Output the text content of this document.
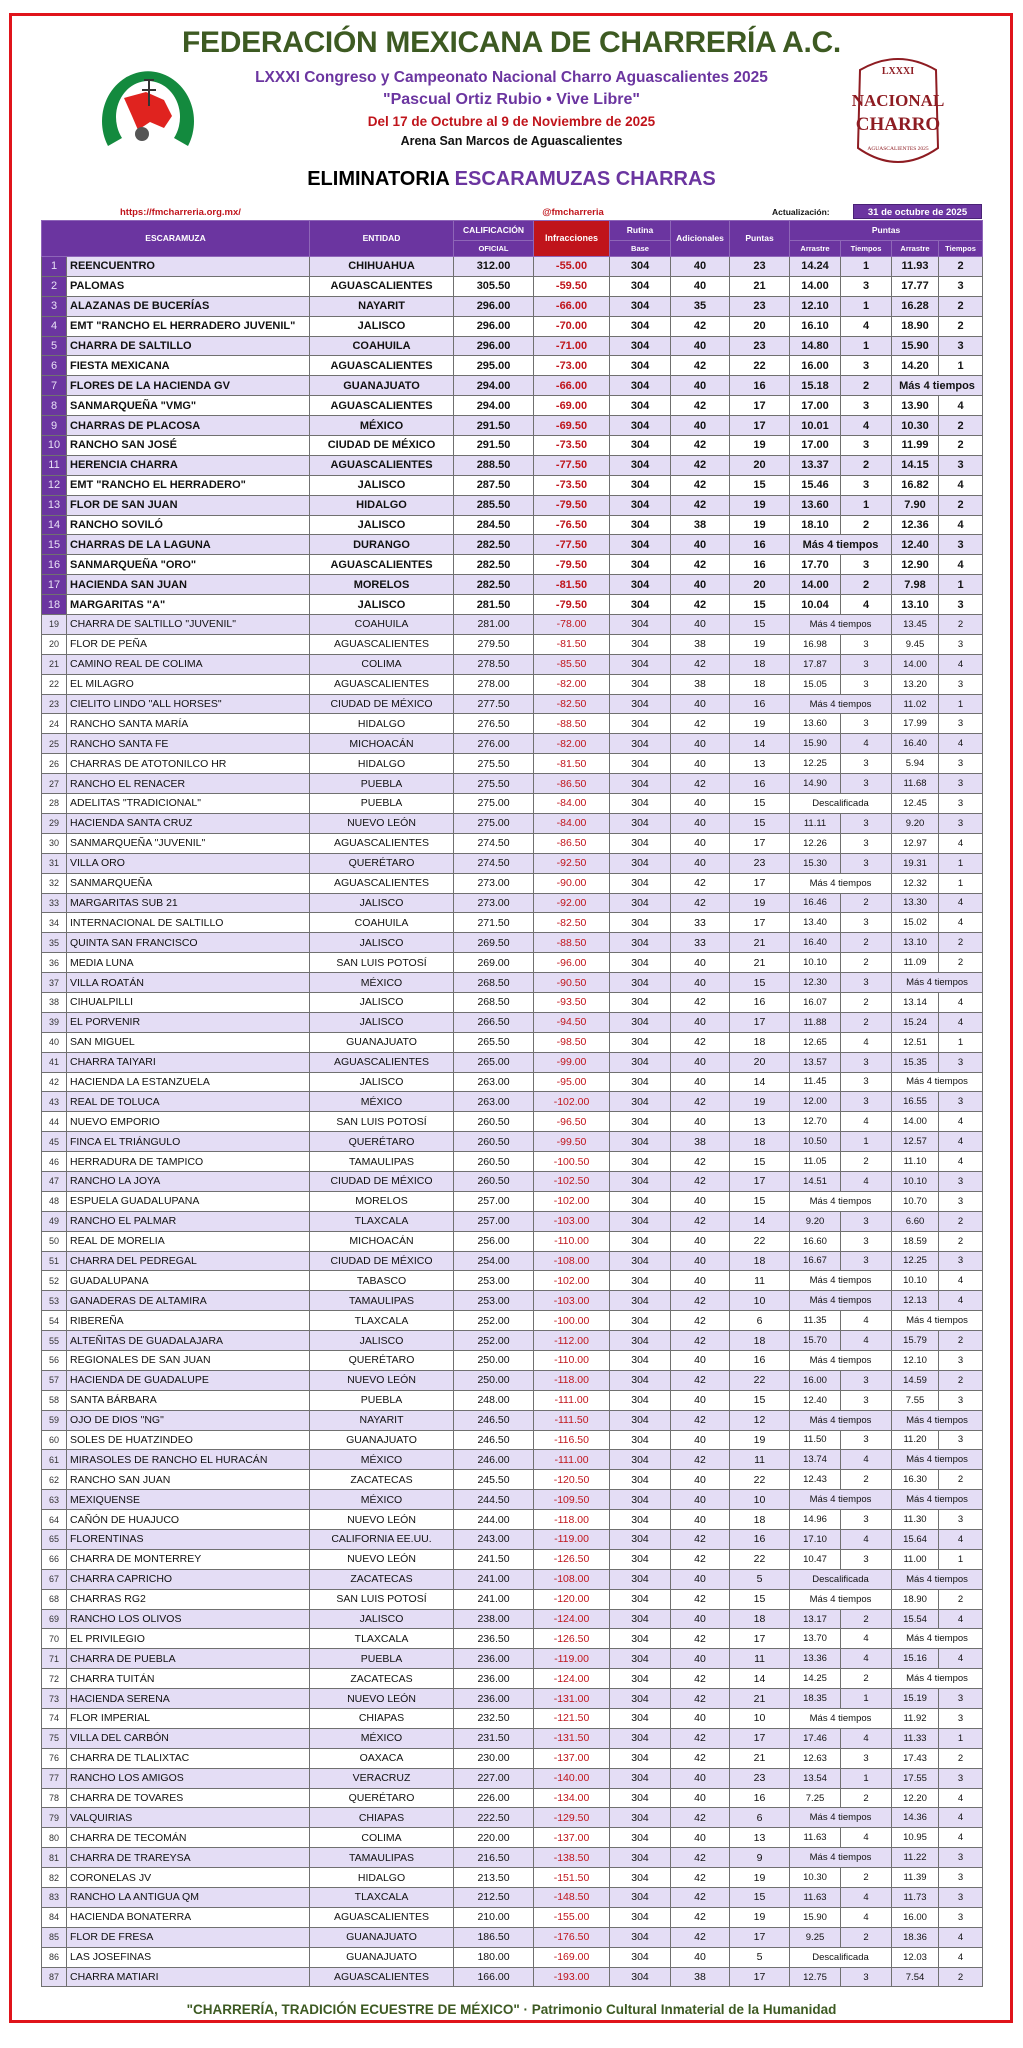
LXXXI
NACIONAL
CHARRO
AGUASCALIENTES 2025
FEDERACIÓN MEXICANA DE CHARRERÍA A.C.
LXXXI Congreso y Campeonato Nacional Charro Aguascalientes 2025
"Pascual Ortiz Rubio • Vive Libre"
Del 17 de Octubre al 9 de Noviembre de 2025
Arena San Marcos de Aguascalientes
ELIMINATORIA ESCARAMUZAS CHARRAS
https://fmcharreria.org.mx/	@fmcharreria	Actualización:	31 de octubre de 2025
ESCARAMUZA		ENTIDAD	CALIFICACIÓN	Infracciones	Rutina	Adicionales	Puntas	Puntas			
			OFICIAL		Base			Arrastre	Tiempos	Arrastre	Tiempos
1	REENCUENTRO	CHIHUAHUA	312.00	-55.00	304	40	23	14.24	1	11.93	2
2	PALOMAS	AGUASCALIENTES	305.50	-59.50	304	40	21	14.00	3	17.77	3
3	ALAZANAS DE BUCERÍAS	NAYARIT	296.00	-66.00	304	35	23	12.10	1	16.28	2
4	EMT "RANCHO EL HERRADERO JUVENIL"	JALISCO	296.00	-70.00	304	42	20	16.10	4	18.90	2
5	CHARRA DE SALTILLO	COAHUILA	296.00	-71.00	304	40	23	14.80	1	15.90	3
6	FIESTA MEXICANA	AGUASCALIENTES	295.00	-73.00	304	42	22	16.00	3	14.20	1
7	FLORES DE LA HACIENDA GV	GUANAJUATO	294.00	-66.00	304	40	16	15.18	2	Más 4 tiempos	
8	SANMARQUEÑA "VMG"	AGUASCALIENTES	294.00	-69.00	304	42	17	17.00	3	13.90	4
9	CHARRAS DE PLACOSA	MÉXICO	291.50	-69.50	304	40	17	10.01	4	10.30	2
10	RANCHO SAN JOSÉ	CIUDAD DE MÉXICO	291.50	-73.50	304	42	19	17.00	3	11.99	2
11	HERENCIA CHARRA	AGUASCALIENTES	288.50	-77.50	304	42	20	13.37	2	14.15	3
12	EMT "RANCHO EL HERRADERO"	JALISCO	287.50	-73.50	304	42	15	15.46	3	16.82	4
13	FLOR DE SAN JUAN	HIDALGO	285.50	-79.50	304	42	19	13.60	1	7.90	2
14	RANCHO SOVILÓ	JALISCO	284.50	-76.50	304	38	19	18.10	2	12.36	4
15	CHARRAS DE LA LAGUNA	DURANGO	282.50	-77.50	304	40	16	Más 4 tiempos		12.40	3
16	SANMARQUEÑA "ORO"	AGUASCALIENTES	282.50	-79.50	304	42	16	17.70	3	12.90	4
17	HACIENDA SAN JUAN	MORELOS	282.50	-81.50	304	40	20	14.00	2	7.98	1
18	MARGARITAS "A"	JALISCO	281.50	-79.50	304	42	15	10.04	4	13.10	3
19	CHARRA DE SALTILLO "JUVENIL"	COAHUILA	281.00	-78.00	304	40	15	Más 4 tiempos		13.45	2
20	FLOR DE PEÑA	AGUASCALIENTES	279.50	-81.50	304	38	19	16.98	3	9.45	3
21	CAMINO REAL DE COLIMA	COLIMA	278.50	-85.50	304	42	18	17.87	3	14.00	4
22	EL MILAGRO	AGUASCALIENTES	278.00	-82.00	304	38	18	15.05	3	13.20	3
23	CIELITO LINDO "ALL HORSES"	CIUDAD DE MÉXICO	277.50	-82.50	304	40	16	Más 4 tiempos		11.02	1
24	RANCHO SANTA MARÍA	HIDALGO	276.50	-88.50	304	42	19	13.60	3	17.99	3
25	RANCHO SANTA FE	MICHOACÁN	276.00	-82.00	304	40	14	15.90	4	16.40	4
26	CHARRAS DE ATOTONILCO HR	HIDALGO	275.50	-81.50	304	40	13	12.25	3	5.94	3
27	RANCHO EL RENACER	PUEBLA	275.50	-86.50	304	42	16	14.90	3	11.68	3
28	ADELITAS "TRADICIONAL"	PUEBLA	275.00	-84.00	304	40	15	Descalificada		12.45	3
29	HACIENDA SANTA CRUZ	NUEVO LEÓN	275.00	-84.00	304	40	15	11.11	3	9.20	3
30	SANMARQUEÑA "JUVENIL"	AGUASCALIENTES	274.50	-86.50	304	40	17	12.26	3	12.97	4
31	VILLA ORO	QUERÉTARO	274.50	-92.50	304	40	23	15.30	3	19.31	1
32	SANMARQUEÑA	AGUASCALIENTES	273.00	-90.00	304	42	17	Más 4 tiempos		12.32	1
33	MARGARITAS SUB 21	JALISCO	273.00	-92.00	304	42	19	16.46	2	13.30	4
34	INTERNACIONAL DE SALTILLO	COAHUILA	271.50	-82.50	304	33	17	13.40	3	15.02	4
35	QUINTA SAN FRANCISCO	JALISCO	269.50	-88.50	304	33	21	16.40	2	13.10	2
36	MEDIA LUNA	SAN LUIS POTOSÍ	269.00	-96.00	304	40	21	10.10	2	11.09	2
37	VILLA ROATÁN	MÉXICO	268.50	-90.50	304	40	15	12.30	3	Más 4 tiempos	
38	CIHUALPILLI	JALISCO	268.50	-93.50	304	42	16	16.07	2	13.14	4
39	EL PORVENIR	JALISCO	266.50	-94.50	304	40	17	11.88	2	15.24	4
40	SAN MIGUEL	GUANAJUATO	265.50	-98.50	304	42	18	12.65	4	12.51	1
41	CHARRA TAIYARI	AGUASCALIENTES	265.00	-99.00	304	40	20	13.57	3	15.35	3
42	HACIENDA LA ESTANZUELA	JALISCO	263.00	-95.00	304	40	14	11.45	3	Más 4 tiempos	
43	REAL DE TOLUCA	MÉXICO	263.00	-102.00	304	42	19	12.00	3	16.55	3
44	NUEVO EMPORIO	SAN LUIS POTOSÍ	260.50	-96.50	304	40	13	12.70	4	14.00	4
45	FINCA EL TRIÁNGULO	QUERÉTARO	260.50	-99.50	304	38	18	10.50	1	12.57	4
46	HERRADURA DE TAMPICO	TAMAULIPAS	260.50	-100.50	304	42	15	11.05	2	11.10	4
47	RANCHO LA JOYA	CIUDAD DE MÉXICO	260.50	-102.50	304	42	17	14.51	4	10.10	3
48	ESPUELA GUADALUPANA	MORELOS	257.00	-102.00	304	40	15	Más 4 tiempos		10.70	3
49	RANCHO EL PALMAR	TLAXCALA	257.00	-103.00	304	42	14	9.20	3	6.60	2
50	REAL DE MORELIA	MICHOACÁN	256.00	-110.00	304	40	22	16.60	3	18.59	2
51	CHARRA DEL PEDREGAL	CIUDAD DE MÉXICO	254.00	-108.00	304	40	18	16.67	3	12.25	3
52	GUADALUPANA	TABASCO	253.00	-102.00	304	40	11	Más 4 tiempos		10.10	4
53	GANADERAS DE ALTAMIRA	TAMAULIPAS	253.00	-103.00	304	42	10	Más 4 tiempos		12.13	4
54	RIBEREÑA	TLAXCALA	252.00	-100.00	304	42	6	11.35	4	Más 4 tiempos	
55	ALTEÑITAS DE GUADALAJARA	JALISCO	252.00	-112.00	304	42	18	15.70	4	15.79	2
56	REGIONALES DE SAN JUAN	QUERÉTARO	250.00	-110.00	304	40	16	Más 4 tiempos		12.10	3
57	HACIENDA DE GUADALUPE	NUEVO LEÓN	250.00	-118.00	304	42	22	16.00	3	14.59	2
58	SANTA BÁRBARA	PUEBLA	248.00	-111.00	304	40	15	12.40	3	7.55	3
59	OJO DE DIOS "NG"	NAYARIT	246.50	-111.50	304	42	12	Más 4 tiempos		Más 4 tiempos	
60	SOLES DE HUATZINDEO	GUANAJUATO	246.50	-116.50	304	40	19	11.50	3	11.20	3
61	MIRASOLES DE RANCHO EL HURACÁN	MÉXICO	246.00	-111.00	304	42	11	13.74	4	Más 4 tiempos	
62	RANCHO SAN JUAN	ZACATECAS	245.50	-120.50	304	40	22	12.43	2	16.30	2
63	MEXIQUENSE	MÉXICO	244.50	-109.50	304	40	10	Más 4 tiempos		Más 4 tiempos	
64	CAÑÓN DE HUAJUCO	NUEVO LEÓN	244.00	-118.00	304	40	18	14.96	3	11.30	3
65	FLORENTINAS	CALIFORNIA EE.UU.	243.00	-119.00	304	42	16	17.10	4	15.64	4
66	CHARRA DE MONTERREY	NUEVO LEÓN	241.50	-126.50	304	42	22	10.47	3	11.00	1
67	CHARRA CAPRICHO	ZACATECAS	241.00	-108.00	304	40	5	Descalificada		Más 4 tiempos	
68	CHARRAS RG2	SAN LUIS POTOSÍ	241.00	-120.00	304	42	15	Más 4 tiempos		18.90	2
69	RANCHO LOS OLIVOS	JALISCO	238.00	-124.00	304	40	18	13.17	2	15.54	4
70	EL PRIVILEGIO	TLAXCALA	236.50	-126.50	304	42	17	13.70	4	Más 4 tiempos	
71	CHARRA DE PUEBLA	PUEBLA	236.00	-119.00	304	40	11	13.36	4	15.16	4
72	CHARRA TUITÁN	ZACATECAS	236.00	-124.00	304	42	14	14.25	2	Más 4 tiempos	
73	HACIENDA SERENA	NUEVO LEÓN	236.00	-131.00	304	42	21	18.35	1	15.19	3
74	FLOR IMPERIAL	CHIAPAS	232.50	-121.50	304	40	10	Más 4 tiempos		11.92	3
75	VILLA DEL CARBÓN	MÉXICO	231.50	-131.50	304	42	17	17.46	4	11.33	1
76	CHARRA DE TLALIXTAC	OAXACA	230.00	-137.00	304	42	21	12.63	3	17.43	2
77	RANCHO LOS AMIGOS	VERACRUZ	227.00	-140.00	304	40	23	13.54	1	17.55	3
78	CHARRA DE TOVARES	QUERÉTARO	226.00	-134.00	304	40	16	7.25	2	12.20	4
79	VALQUIRIAS	CHIAPAS	222.50	-129.50	304	42	6	Más 4 tiempos		14.36	4
80	CHARRA DE TECOMÁN	COLIMA	220.00	-137.00	304	40	13	11.63	4	10.95	4
81	CHARRA DE TRAREYSA	TAMAULIPAS	216.50	-138.50	304	42	9	Más 4 tiempos		11.22	3
82	CORONELAS JV	HIDALGO	213.50	-151.50	304	42	19	10.30	2	11.39	3
83	RANCHO LA ANTIGUA QM	TLAXCALA	212.50	-148.50	304	42	15	11.63	4	11.73	3
84	HACIENDA BONATERRA	AGUASCALIENTES	210.00	-155.00	304	42	19	15.90	4	16.00	3
85	FLOR DE FRESA	GUANAJUATO	186.50	-176.50	304	42	17	9.25	2	18.36	4
86	LAS JOSEFINAS	GUANAJUATO	180.00	-169.00	304	40	5	Descalificada		12.03	4
87	CHARRA MATIARI	AGUASCALIENTES	166.00	-193.00	304	38	17	12.75	3	7.54	2
"CHARRERÍA, TRADICIÓN ECUESTRE DE MÉXICO" · Patrimonio Cultural Inmaterial de la Humanidad
